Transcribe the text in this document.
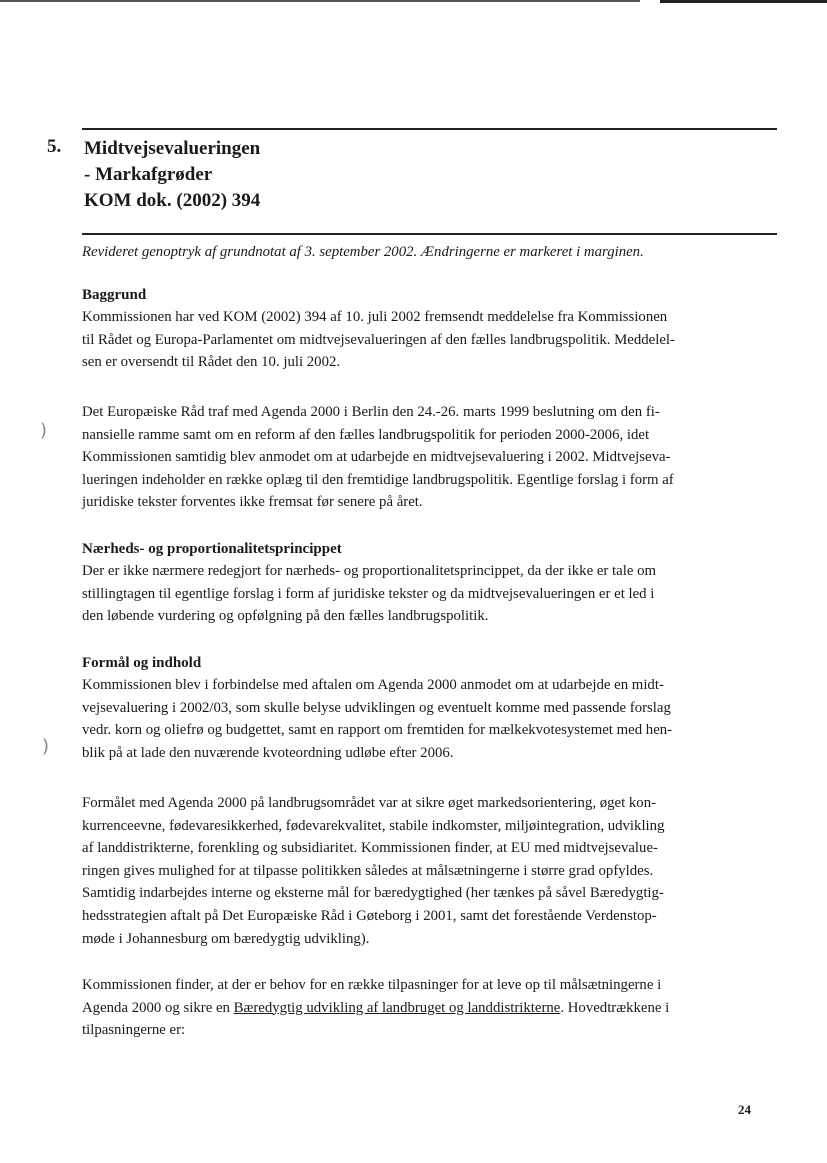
5. Midtvejsevalueringen
- Markafgrøder
KOM dok. (2002) 394
Revideret genoptryk af grundnotat af 3. september 2002. Ændringerne er markeret i marginen.
Baggrund

Kommissionen har ved KOM (2002) 394 af 10. juli 2002 fremsendt meddelelse fra Kommissionen
til Rådet og Europa-Parlamentet om midtvejsevalueringen af den fælles landbrugspolitik. Meddelel-
sen er oversendt til Rådet den 10. juli 2002.

Det Europæiske Råd traf med Agenda 2000 i Berlin den 24.-26. marts 1999 beslutning om den fi-
nansielle ramme samt om en reform af den fælles landbrugspolitik for perioden 2000-2006, idet
Kommissionen samtidig blev anmodet om at udarbejde en midtvejsevaluering i 2002. Midtvejseva-
lueringen indeholder en række oplæg til den fremtidige landbrugspolitik. Egentlige forslag i form af
juridiske tekster forventes ikke fremsat før senere på året.

Nærheds- og proportionalitetsprincippet

Der er ikke nærmere redegjort for nærheds- og proportionalitetsprincippet, da der ikke er tale om
stillingtagen til egentlige forslag i form af juridiske tekster og da midtvejsevalueringen er et led i
den løbende vurdering og opfølgning på den fælles landbrugspolitik.

Formål og indhold

Kommissionen blev i forbindelse med aftalen om Agenda 2000 anmodet om at udarbejde en midt-
vejsevaluering i 2002/03, som skulle belyse udviklingen og eventuelt komme med passende forslag
vedr. korn og oliefrø og budgettet, samt en rapport om fremtiden for mælkekvotesystemet med hen-
blik på at lade den nuværende kvoteordning udløbe efter 2006.

Formålet med Agenda 2000 på landbrugsområdet var at sikre øget markedsorientering, øget kon-
kurrenceevne, fødevaresikkerhed, fødevarekvalitet, stabile indkomster, miljøintegration, udvikling
af landdistrikterne, forenkling og subsidiaritet. Kommissionen finder, at EU med midtvejsevalue-
ringen gives mulighed for at tilpasse politikken således at målsætningerne i større grad opfyldes.
Samtidig indarbejdes interne og eksterne mål for bæredygtighed (her tænkes på såvel Bæredygtig-
hedsstrategien aftalt på Det Europæiske Råd i Gøteborg i 2001, samt det forestående Verdenstop-
møde i Johannesburg om bæredygtig udvikling).

Kommissionen finder, at der er behov for en række tilpasninger for at leve op til målsætningerne i
Agenda 2000 og sikre en Bæredygtig udvikling af landbruget og landdistrikterne. Hovedtrækkene i
tilpasningerne er:

)
)
24
